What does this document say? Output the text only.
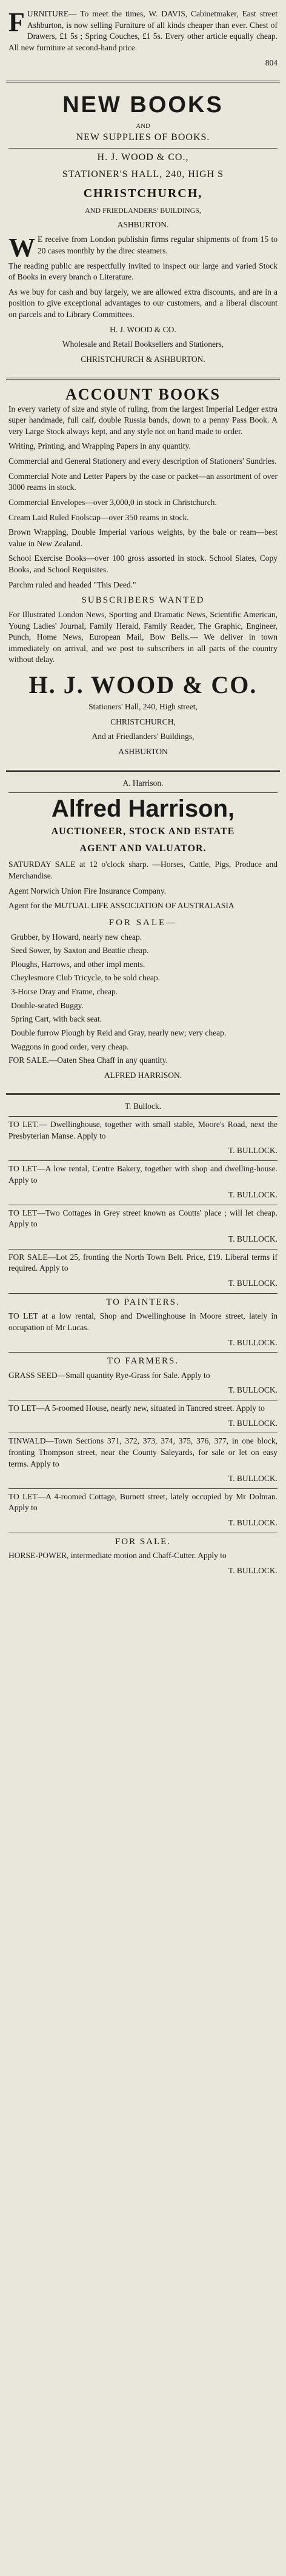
FURNITURE— To meet the times, W. DAVIS, Cabinetmaker, East street Ashburton, is now selling Furniture of all kinds cheaper than ever. Chest of Drawers, £1 5s ; Spring Couches, £1 5s. Every other article equally cheap. All new furniture at second-hand price.

804

NEW BOOKS

AND

NEW SUPPLIES OF BOOKS.

H. J. WOOD & CO.,

STATIONER'S HALL, 240, HIGH S

CHRISTCHURCH,

AND FRIEDLANDERS' BUILDINGS,

ASHBURTON.

WE receive from London publishin firms regular shipments of from 15 to 20 cases monthly by the direc steamers.

The reading public are respectfully invited to inspect our large and varied Stock of Books in every branch o Literature.

As we buy for cash and buy largely, we are allowed extra discounts, and are in a position to give exceptional advantages to our customers, and a liberal discount on parcels and to Library Committees.

H. J. WOOD & CO.

Wholesale and Retail Booksellers and Stationers,

CHRISTCHURCH & ASHBURTON.

ACCOUNT BOOKS

In every variety of size and style of ruling, from the largest Imperial Ledger extra super handmade, full calf, double Russia bands, down to a penny Pass Book. A very Large Stock always kept, and any style not on hand made to order.

Writing, Printing, and Wrapping Papers in any quantity.

Commercial and General Stationery and every description of Stationers' Sundries.

Commercial Note and Letter Papers by the case or packet—an assortment of over 3000 reams in stock.

Commercial Envelopes—over 3,000,0 in stock in Christchurch.

Cream Laid Ruled Foolscap—over 350 reams in stock.

Brown Wrapping, Double Imperial various weights, by the bale or ream—best value in New Zealand.

School Exercise Books—over 100 gross assorted in stock. School Slates, Copy Books, and School Requisites.

Parchm ruled and headed "This Deed."

SUBSCRIBERS WANTED

For Illustrated London News, Sporting and Dramatic News, Scientific American, Young Ladies' Journal, Family Herald, Family Reader, The Graphic, Engineer, Punch, Home News, European Mail, Bow Bells.— We deliver in town immediately on arrival, and we post to subscribers in all parts of the country without delay.

H. J. WOOD & CO.

Stationers' Hall, 240, High street,

CHRISTCHURCH,

And at Friedlanders' Buildings,

ASHBURTON

A. Harrison.

Alfred Harrison,

AUCTIONEER, STOCK AND ESTATE

AGENT AND VALUATOR.

SATURDAY SALE at 12 o'clock sharp. —Horses, Cattle, Pigs, Produce and Merchandise.

Agent Norwich Union Fire Insurance Company.

Agent for the MUTUAL LIFE ASSOCIATION OF AUSTRALASIA

FOR SALE—

Grubber, by Howard, nearly new cheap.

Seed Sower, by Saxton and Beattie cheap.

Ploughs, Harrows, and other impl ments.

Cheylesmore Club Tricycle, to be sold cheap.

3-Horse Dray and Frame, cheap.

Double-seated Buggy.

Spring Cart, with back seat.

Double furrow Plough by Reid and Gray, nearly new; very cheap.

Waggons in good order, very cheap.

FOR SALE.—Oaten Shea Chaff in any quantity.

ALFRED HARRISON.

T. Bullock.

TO LET.— Dwellinghouse, together with small stable, Moore's Road, next the Presbyterian Manse. Apply to

T. BULLOCK.

TO LET—A low rental, Centre Bakery, together with shop and dwelling-house. Apply to

T. BULLOCK.

TO LET—Two Cottages in Grey street known as Coutts' place ; will let cheap. Apply to

T. BULLOCK.

FOR SALE—Lot 25, fronting the North Town Belt. Price, £19. Liberal terms if required. Apply to

T. BULLOCK.

TO PAINTERS.

TO LET at a low rental, Shop and Dwellinghouse in Moore street, lately in occupation of Mr Lucas.

T. BULLOCK.

TO FARMERS.

GRASS SEED—Small quantity Rye-Grass for Sale. Apply to

T. BULLOCK.

TO LET—A 5-roomed House, nearly new, situated in Tancred street. Apply to

T. BULLOCK.

TINWALD—Town Sections 371, 372, 373, 374, 375, 376, 377, in one block, fronting Thompson street, near the County Saleyards, for sale or let on easy terms. Apply to

T. BULLOCK.

TO LET—A 4-roomed Cottage, Burnett street, lately occupied by Mr Dolman. Apply to

T. BULLOCK.

FOR SALE.

HORSE-POWER, intermediate motion and Chaff-Cutter. Apply to

T. BULLOCK.
